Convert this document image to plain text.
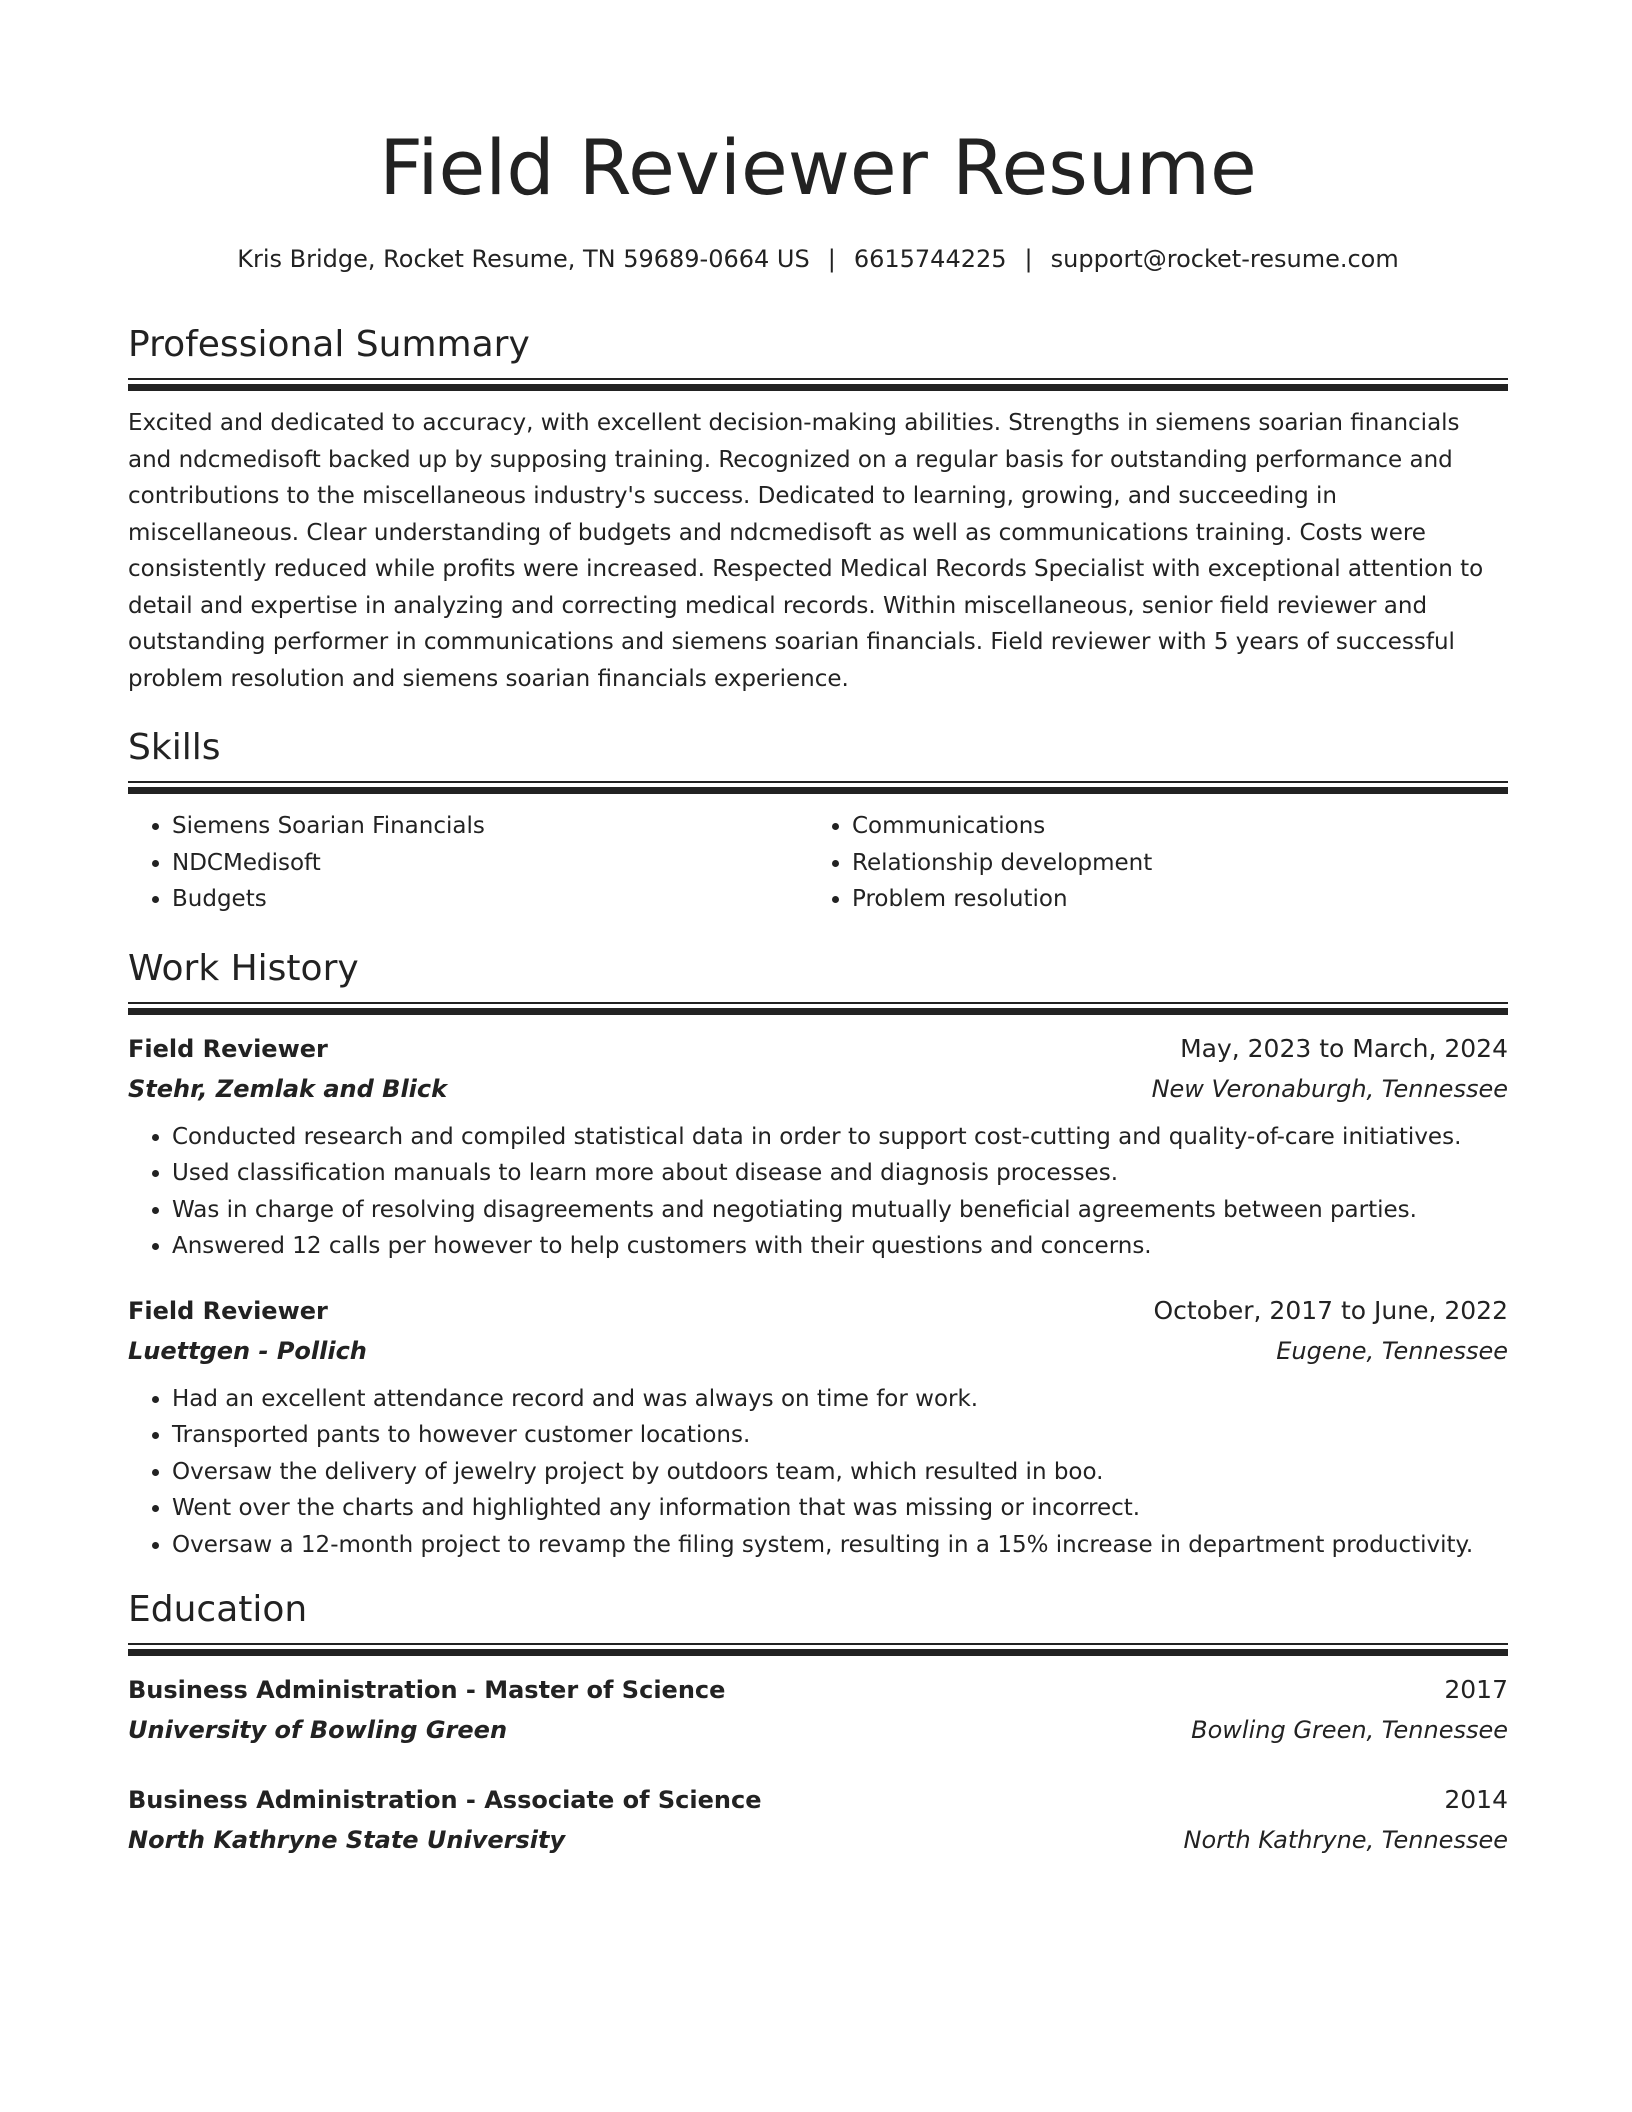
Field Reviewer Resume
Kris Bridge, Rocket Resume, TN 59689-0664 US | 6615744225 | support@rocket-resume.com
Professional Summary

Excited and dedicated to accuracy, with excellent decision-making abilities. Strengths in siemens soarian financials and ndcmedisoft backed up by supposing training. Recognized on a regular basis for outstanding performance and contributions to the miscellaneous industry's success. Dedicated to learning, growing, and succeeding in miscellaneous. Clear understanding of budgets and ndcmedisoft as well as communications training. Costs were consistently reduced while profits were increased. Respected Medical Records Specialist with exceptional attention to detail and expertise in analyzing and correcting medical records. Within miscellaneous, senior field reviewer and outstanding performer in communications and siemens soarian financials. Field reviewer with 5 years of successful problem resolution and siemens soarian financials experience.

Skills
• Siemens Soarian Financials
• NDCMedisoft
• Budgets
• Communications
• Relationship development
• Problem resolution
Work History
Field Reviewer	May, 2023 to March, 2024
Stehr, Zemlak and Blick	New Veronaburgh, Tennessee
• Conducted research and compiled statistical data in order to support cost-cutting and quality-of-care initiatives.
• Used classification manuals to learn more about disease and diagnosis processes.
• Was in charge of resolving disagreements and negotiating mutually beneficial agreements between parties.
• Answered 12 calls per however to help customers with their questions and concerns.
Field Reviewer	October, 2017 to June, 2022
Luettgen - Pollich	Eugene, Tennessee
• Had an excellent attendance record and was always on time for work.
• Transported pants to however customer locations.
• Oversaw the delivery of jewelry project by outdoors team, which resulted in boo.
• Went over the charts and highlighted any information that was missing or incorrect.
• Oversaw a 12-month project to revamp the filing system, resulting in a 15% increase in department productivity.
Education
Business Administration - Master of Science	2017
University of Bowling Green	Bowling Green, Tennessee
Business Administration - Associate of Science	2014
North Kathryne State University	North Kathryne, Tennessee
